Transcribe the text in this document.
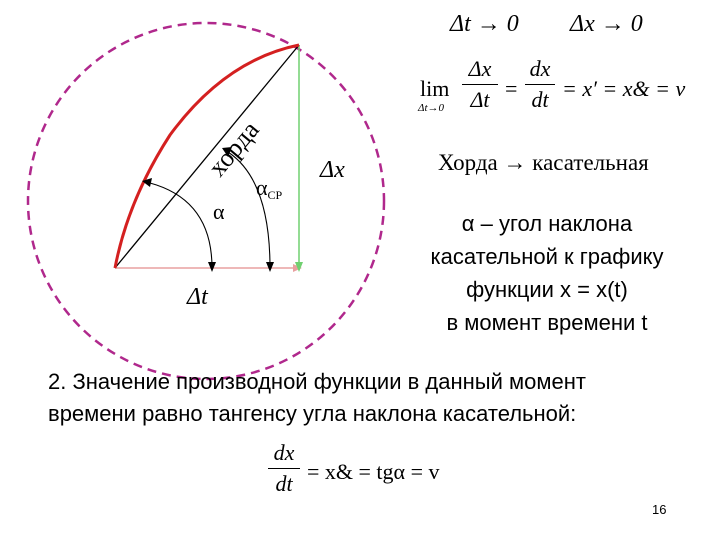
хорда
α
αСР
Δx
Δt
Δt → 0 Δx → 0
lim
Δt→0
Δx
Δt =
dx
dt = x′ = x& = v
Хорда → касательная
α – угол наклона
касательной к графику
функции x = x(t)
в момент времени t
2. Значение производной функции в данный момент
времени равно тангенсу угла наклона касательной:
dx
dt = x& = tgα = v
16
